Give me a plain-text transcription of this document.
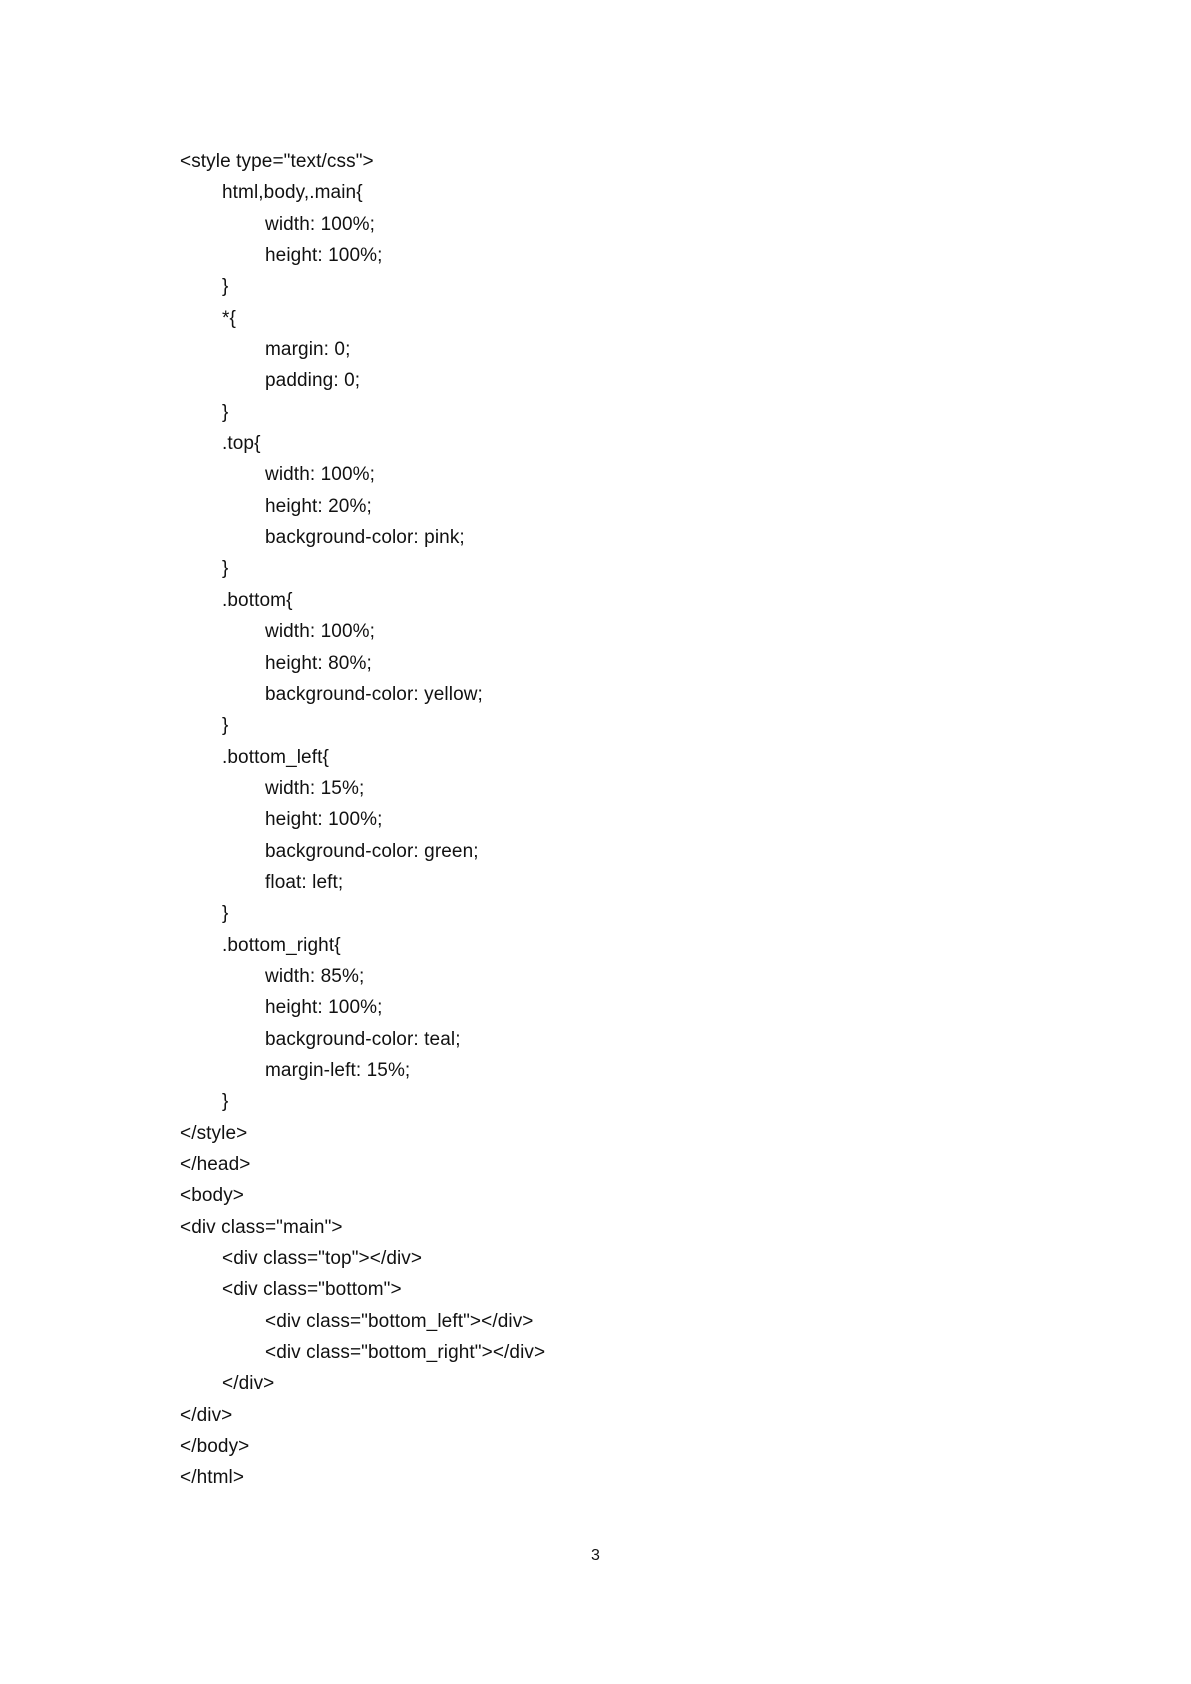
<style type="text/css">
html,body,.main{
width: 100%;
height: 100%;
}
*{
margin: 0;
padding: 0;
}
.top{
width: 100%;
height: 20%;
background-color: pink;
}
.bottom{
width: 100%;
height: 80%;
background-color: yellow;
}
.bottom_left{
width: 15%;
height: 100%;
background-color: green;
float: left;
}
.bottom_right{
width: 85%;
height: 100%;
background-color: teal;
margin-left: 15%;
}
</style>
</head>
<body>
<div class="main">
<div class="top"></div>
<div class="bottom">
<div class="bottom_left"></div>
<div class="bottom_right"></div>
</div>
</div>
</body>
</html>
3
